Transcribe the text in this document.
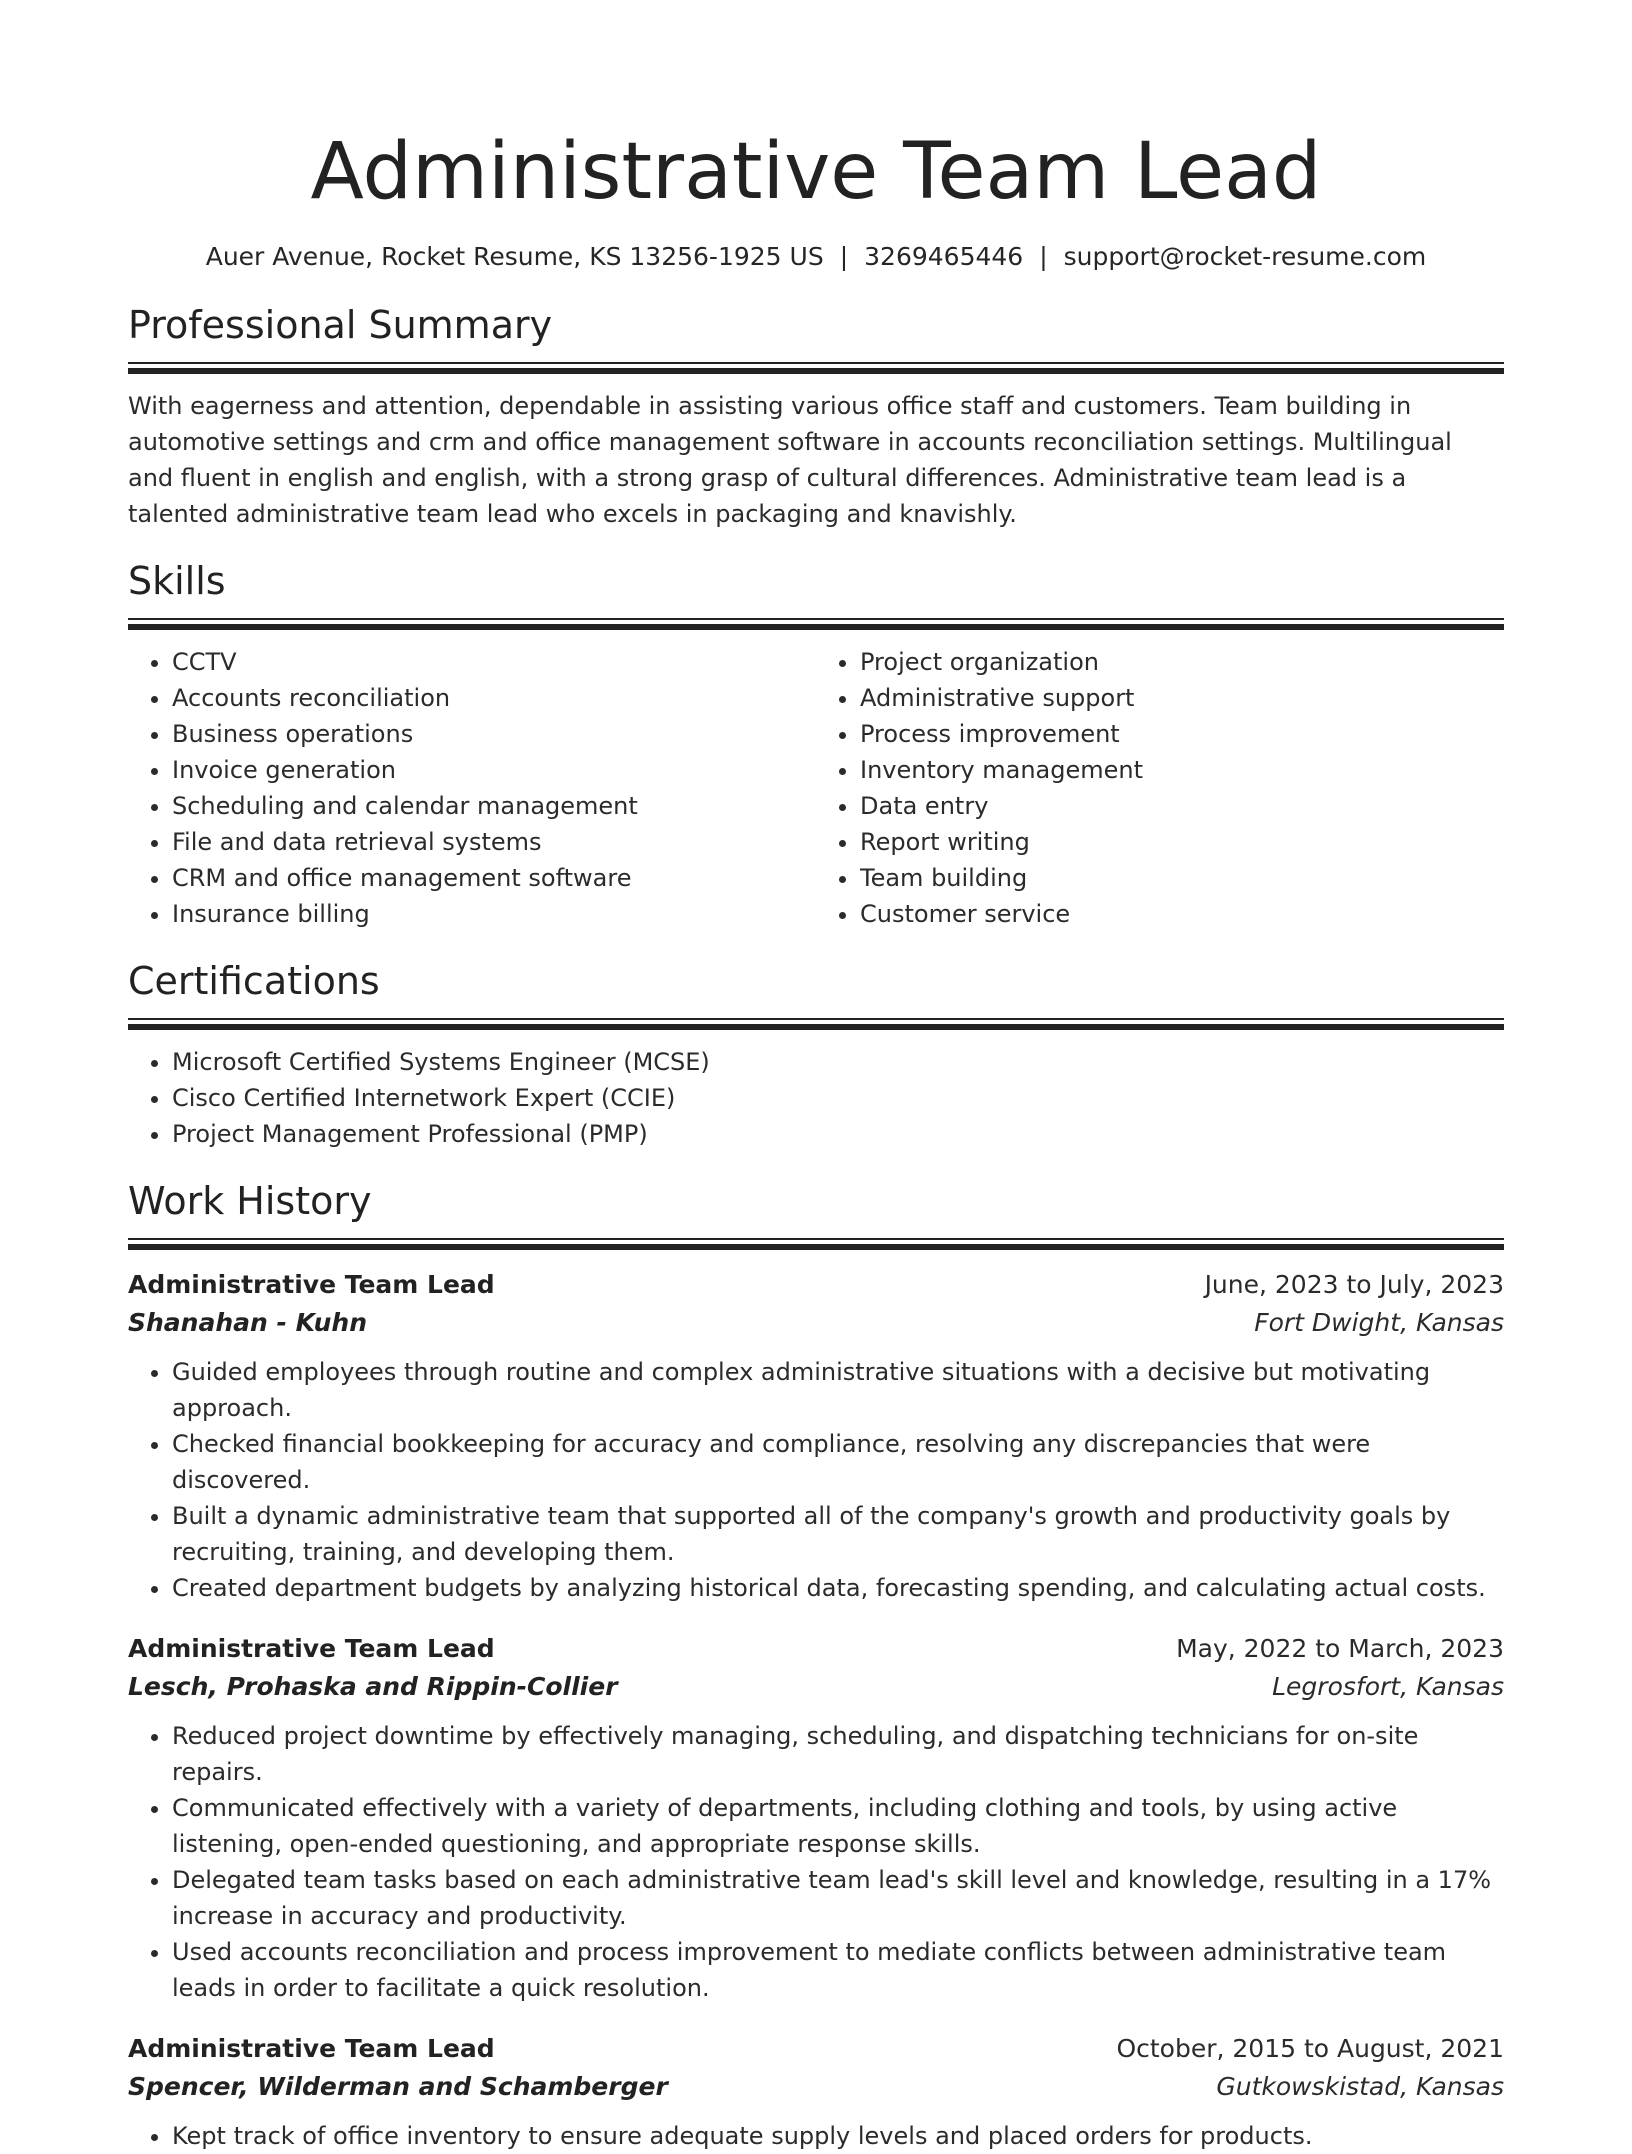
Administrative Team Lead
Auer Avenue, Rocket Resume, KS 13256-1925 US | 3269465446 | support@rocket-resume.com
Professional Summary
With eagerness and attention, dependable in assisting various office staff and customers. Team building in automotive settings and crm and office management software in accounts reconciliation settings. Multilingual and fluent in english and english, with a strong grasp of cultural differences. Administrative team lead is a talented administrative team lead who excels in packaging and knavishly.
Skills
• CCTV
• Accounts reconciliation
• Business operations
• Invoice generation
• Scheduling and calendar management
• File and data retrieval systems
• CRM and office management software
• Insurance billing
• Project organization
• Administrative support
• Process improvement
• Inventory management
• Data entry
• Report writing
• Team building
• Customer service
Certifications
• Microsoft Certified Systems Engineer (MCSE)
• Cisco Certified Internetwork Expert (CCIE)
• Project Management Professional (PMP)
Work History
Administrative Team Lead	June, 2023 to July, 2023
Shanahan - Kuhn	Fort Dwight, Kansas
• Guided employees through routine and complex administrative situations with a decisive but motivating approach.
• Checked financial bookkeeping for accuracy and compliance, resolving any discrepancies that were discovered.
• Built a dynamic administrative team that supported all of the company's growth and productivity goals by recruiting, training, and developing them.
• Created department budgets by analyzing historical data, forecasting spending, and calculating actual costs.
Administrative Team Lead	May, 2022 to March, 2023
Lesch, Prohaska and Rippin-Collier	Legrosfort, Kansas
• Reduced project downtime by effectively managing, scheduling, and dispatching technicians for on-site repairs.
• Communicated effectively with a variety of departments, including clothing and tools, by using active listening, open-ended questioning, and appropriate response skills.
• Delegated team tasks based on each administrative team lead's skill level and knowledge, resulting in a 17% increase in accuracy and productivity.
• Used accounts reconciliation and process improvement to mediate conflicts between administrative team leads in order to facilitate a quick resolution.
Administrative Team Lead	October, 2015 to August, 2021
Spencer, Wilderman and Schamberger	Gutkowskistad, Kansas
• Kept track of office inventory to ensure adequate supply levels and placed orders for products.
